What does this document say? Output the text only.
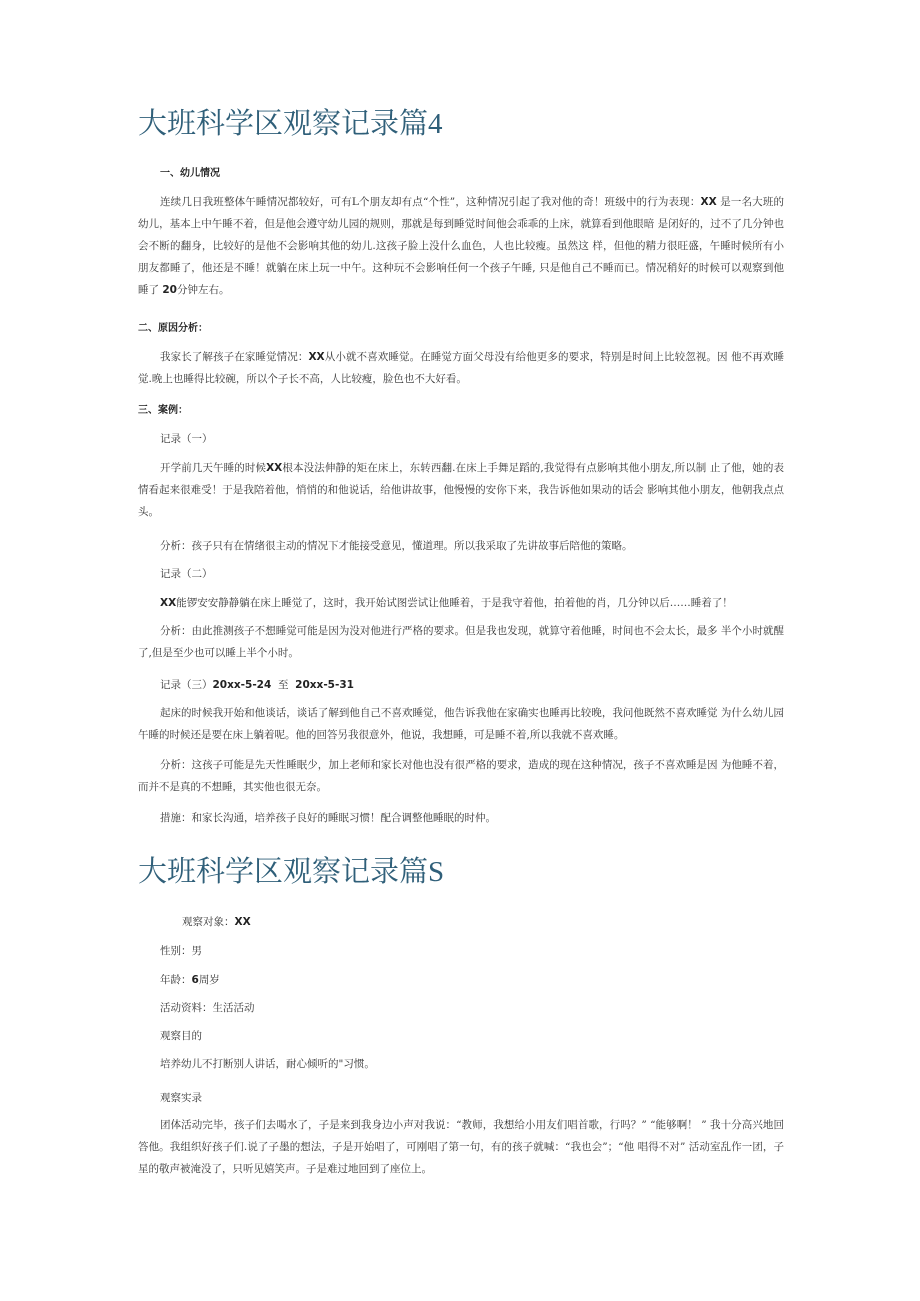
大班科学区观察记录篇4
一、幼儿情况
连续几日我班整体午睡情况都较好，可有L个朋友却有点“个性”，这种情况引起了我对他的奇！班级中的行为表现：XX 是一名大班的幼儿，基本上中午睡不着，但是他会遵守幼儿园的规则，那就是每到睡觉时间他会乖乖的上床，就算看到他眼暗 是闭好的，过不了几分钟也会不断的翻身，比较好的是他不会影响其他的幼儿.这孩子脸上没什么血色，人也比较瘦。虽然这 样，但他的精力很旺盛，午睡时候所有小朋友都睡了，他还是不睡！就躺在床上玩一中午。这种玩不会影响任何一个孩子午睡, 只是他自己不睡而已。情况稍好的时候可以观察到他睡了 20分钟左右。
二、原因分析：
我家长了解孩子在家睡觉情况：XX从小就不喜欢睡觉。在睡觉方面父母没有给他更多的要求，特别是时间上比较忽视。因 他不再欢睡觉.晚上也睡得比较碗，所以个子长不高，人比较瘦，脸色也不大好看。
三、案例：
记录（一）
开学前几天午睡的时候XX根本没法伸静的矩在床上，东转西翻.在床上手舞足蹈的,我觉得有点影响其他小朋友,所以制 止了他，她的表情看起来很难受！于是我陪着他，悄悄的和他说话，给他讲故事，他慢慢的安你下来，我告诉他如果动的话会 影响其他小朋友，他朝我点点头。
分析：孩子只有在情绪很主动的情况下才能接受意见，懂道理。所以我采取了先讲故事后陪他的策略。
记录（二）
XX能锣安安静静躺在床上睡觉了，这时，我开始试图尝试让他睡着，于是我守着他，拍着他的肖，几分钟以后……睡着了！
分析：由此推测孩子不想睡觉可能是因为没对他进行严格的要求。但是我也发现，就算守着他睡，时间也不会太长，最多 半个小时就醒了,但是至少也可以睡上半个小时。
记录（三）20xx-5-24  至  20xx-5-31
起床的时候我开始和他谈话，谈话了解到他自己不喜欢睡觉，他告诉我他在家确实也睡再比较晚，我问他既然不喜欢睡觉 为什么幼儿园午睡的时候还是要在床上躺着呢。他的回答另我很意外，他说，我想睡，可是睡不着,所以我就不喜欢睡。
分析：这孩子可能是先天性睡眠少，加上老师和家长对他也没有很严格的要求，造成的现在这种情况，孩子不喜欢睡是因 为他睡不着，而并不是真的不想睡，其实他也很无奈。
措施：和家长沟通，培养孩子良好的睡眠习惯！配合调整他睡眠的时仲。
大班科学区观察记录篇S
观察对象：XX
性别：男
年龄：6周岁
活动资料：生活活动
观察目的
培养幼儿不打断别人讲话，耐心倾听的"习惯。
观察实录
团体活动完毕，孩子们去喝水了，子是来到我身边小声对我说：“教师，我想给小用友们唱首歌，行吗？” “能够啊！ ” 我十分高兴地回答他。我组织好孩子们.说了子墨的想法，子是开始唱了，可刚唱了第一句，有的孩子就喊：“我也会”；“他 唱得不对” 活动室乱作一团，子星的敬声被淹没了，只听见嬉笑声。子是难过地回到了座位上。
